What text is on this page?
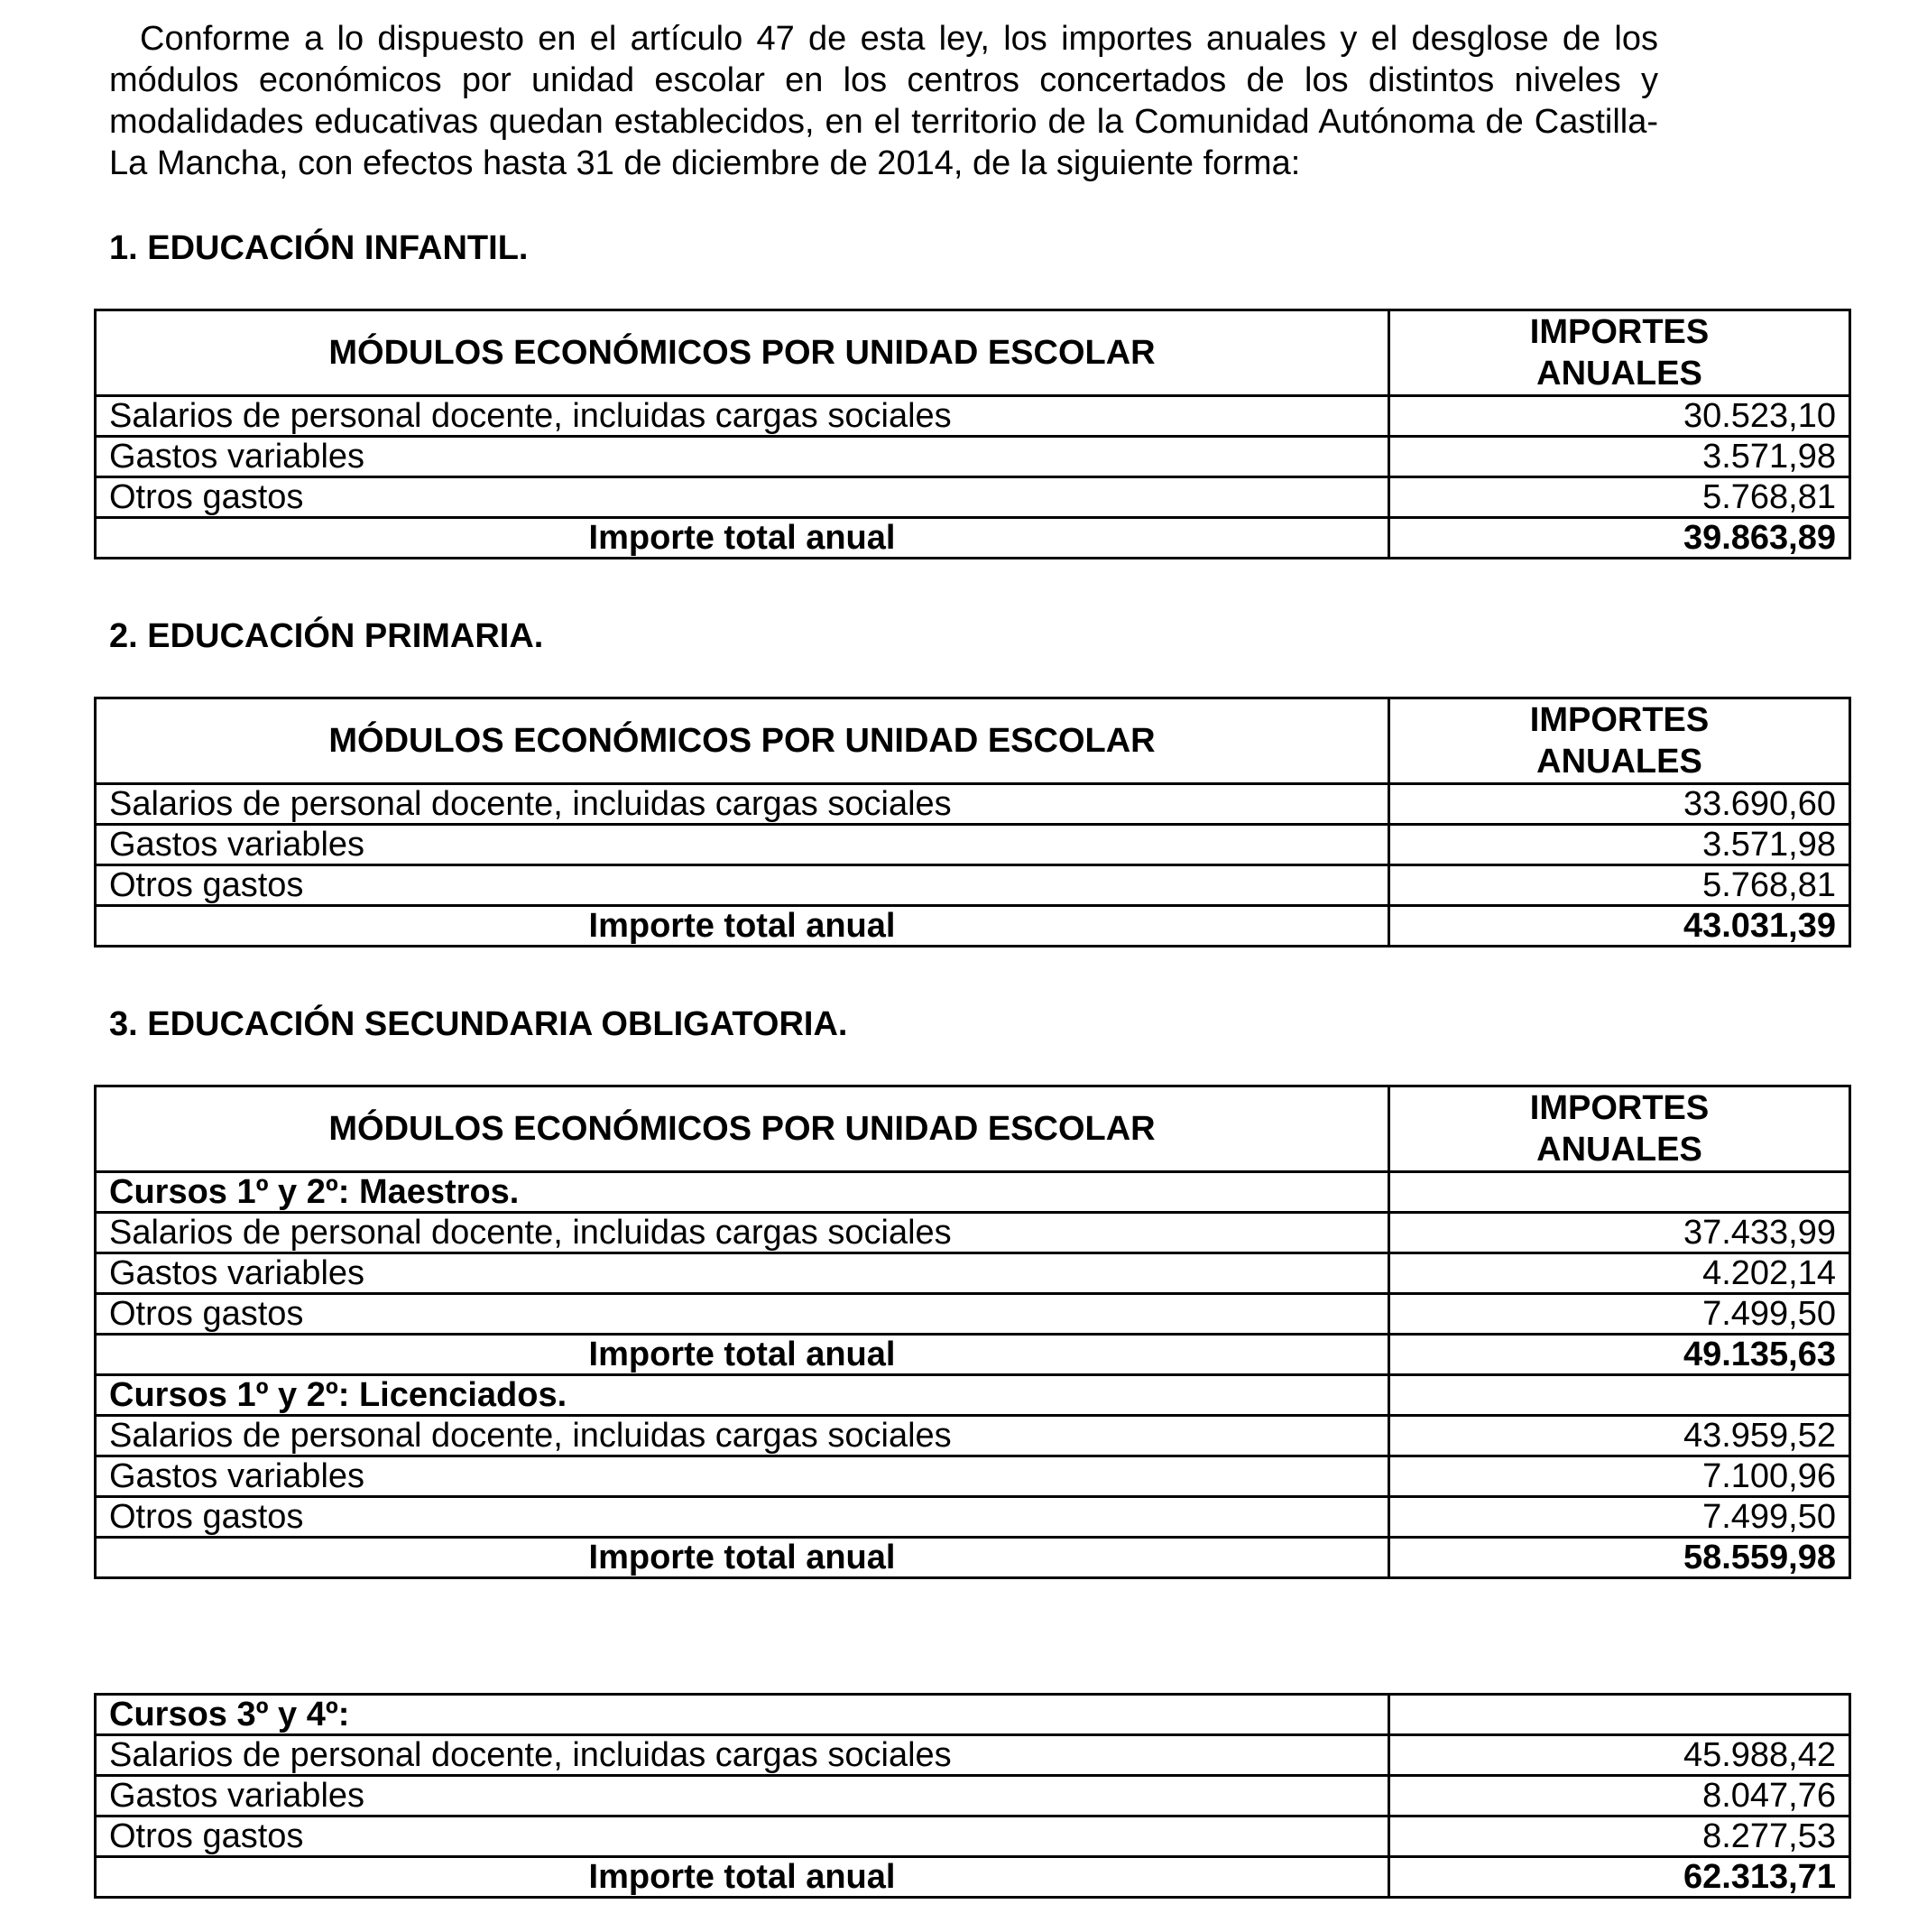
Conforme a lo dispuesto en el artículo 47 de esta ley, los importes anuales y el desglose de los módulos económicos por unidad escolar en los centros concertados de los distintos niveles y modalidades educativas quedan establecidos, en el territorio de la Comunidad Autónoma de Castilla-La Mancha, con efectos hasta 31 de diciembre de 2014, de la siguiente forma:

1. EDUCACIÓN INFANTIL.
MÓDULOS ECONÓMICOS POR UNIDAD ESCOLAR	IMPORTES ANUALES
Salarios de personal docente, incluidas cargas sociales	30.523,10
Gastos variables	3.571,98
Otros gastos	5.768,81
Importe total anual	39.863,89
2. EDUCACIÓN PRIMARIA.
MÓDULOS ECONÓMICOS POR UNIDAD ESCOLAR	IMPORTES ANUALES
Salarios de personal docente, incluidas cargas sociales	33.690,60
Gastos variables	3.571,98
Otros gastos	5.768,81
Importe total anual	43.031,39
3. EDUCACIÓN SECUNDARIA OBLIGATORIA.
MÓDULOS ECONÓMICOS POR UNIDAD ESCOLAR	IMPORTES ANUALES
Cursos 1º y 2º: Maestros.	
Salarios de personal docente, incluidas cargas sociales	37.433,99
Gastos variables	4.202,14
Otros gastos	7.499,50
Importe total anual	49.135,63
Cursos 1º y 2º: Licenciados.	
Salarios de personal docente, incluidas cargas sociales	43.959,52
Gastos variables	7.100,96
Otros gastos	7.499,50
Importe total anual	58.559,98
Cursos 3º y 4º:	
Salarios de personal docente, incluidas cargas sociales	45.988,42
Gastos variables	8.047,76
Otros gastos	8.277,53
Importe total anual	62.313,71
